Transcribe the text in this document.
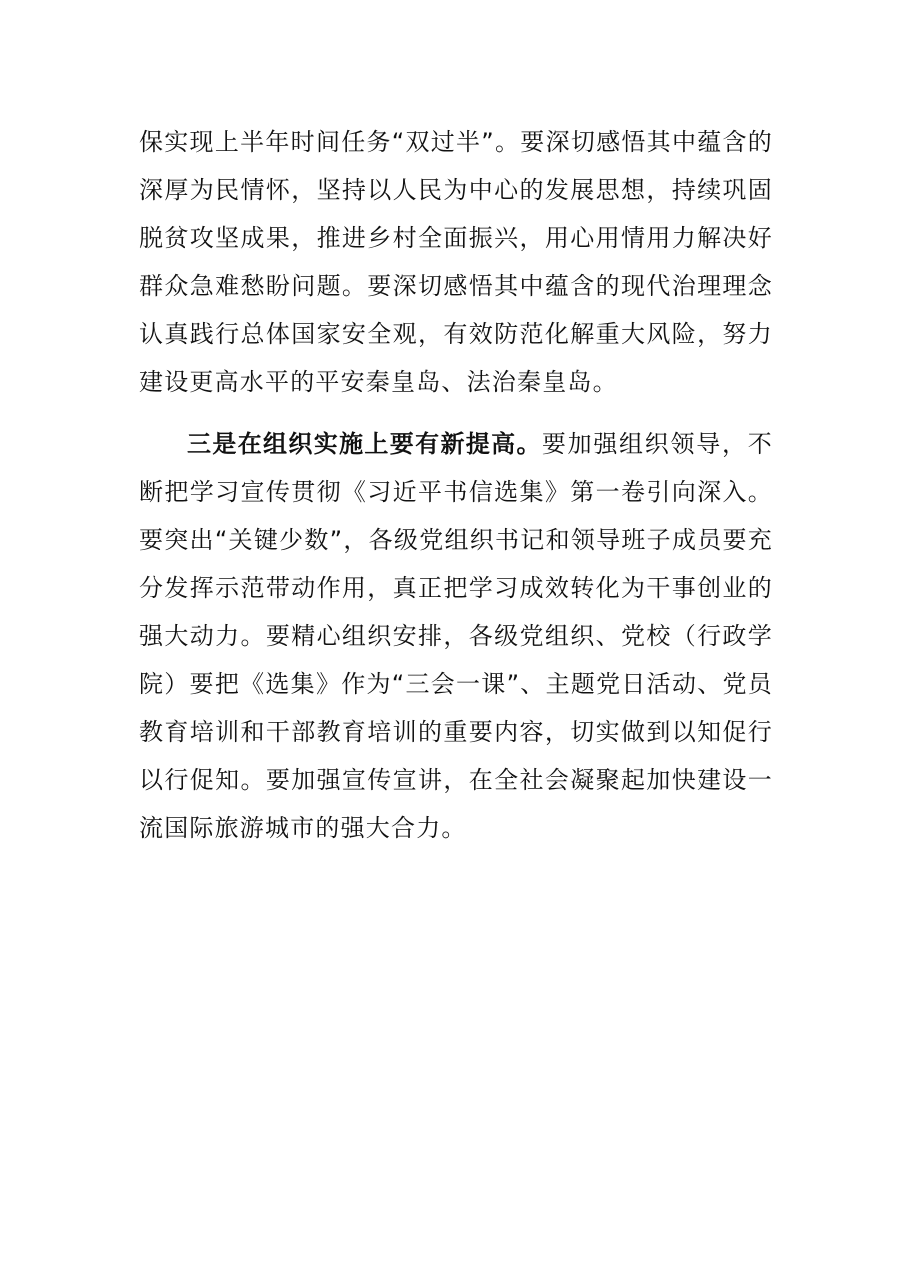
保实现上半年时间任务“双过半”。要深切感悟其中蕴含的深厚为民情怀，坚持以人民为中心的发展思想，持续巩固脱贫攻坚成果，推进乡村全面振兴，用心用情用力解决好群众急难愁盼问题。要深切感悟其中蕴含的现代治理理念认真践行总体国家安全观，有效防范化解重大风险，努力建设更高水平的平安秦皇岛、法治秦皇岛。

三是在组织实施上要有新提高。要加强组织领导，不断把学习宣传贯彻《习近平书信选集》第一卷引向深入。要突出“关键少数”，各级党组织书记和领导班子成员要充分发挥示范带动作用，真正把学习成效转化为干事创业的强大动力。要精心组织安排，各级党组织、党校（行政学院）要把《选集》作为“三会一课”、主题党日活动、党员教育培训和干部教育培训的重要内容，切实做到以知促行以行促知。要加强宣传宣讲，在全社会凝聚起加快建设一流国际旅游城市的强大合力。
